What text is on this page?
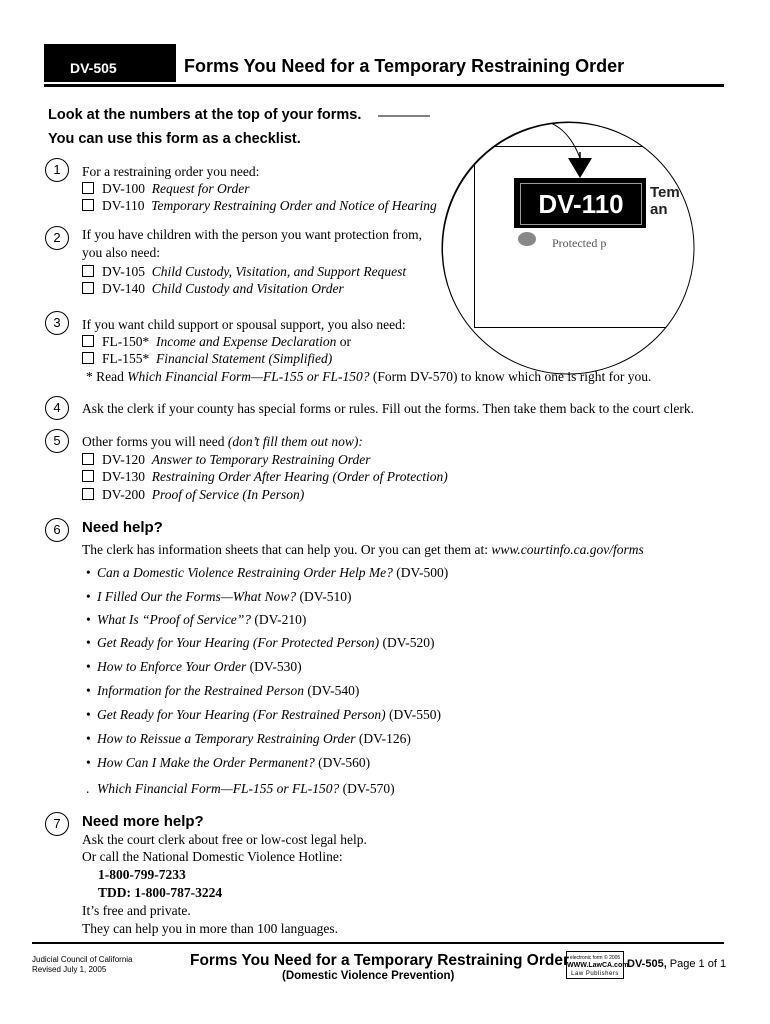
DV-505	Forms You Need for a Temporary Restraining Order
Look at the numbers at the top of your forms.
You can use this form as a checklist.
DV-110	Tem
an
Protected p
1	For a restraining order you need:
DV-100 Request for Order
DV-110 Temporary Restraining Order and Notice of Hearing
2	If you have children with the person you want protection from,
you also need:
DV-105 Child Custody, Visitation, and Support Request
DV-140 Child Custody and Visitation Order
3	If you want child support or spousal support, you also need:
FL-150* Income and Expense Declaration or
FL-155* Financial Statement (Simplified)
* Read Which Financial Form—FL-155 or FL-150? (Form DV-570) to know which one is right for you.
4	Ask the clerk if your county has special forms or rules. Fill out the forms. Then take them back to the court clerk.
5	Other forms you will need (don’t fill them out now):
DV-120 Answer to Temporary Restraining Order
DV-130 Restraining Order After Hearing (Order of Protection)
DV-200 Proof of Service (In Person)
6	Need help?
The clerk has information sheets that can help you. Or you can get them at: www.courtinfo.ca.gov/forms
• Can a Domestic Violence Restraining Order Help Me? (DV-500)
• I Filled Our the Forms—What Now? (DV-510)
• What Is “Proof of Service”? (DV-210)
• Get Ready for Your Hearing (For Protected Person) (DV-520)
• How to Enforce Your Order (DV-530)
• Information for the Restrained Person (DV-540)
• Get Ready for Your Hearing (For Restrained Person) (DV-550)
• How to Reissue a Temporary Restraining Order (DV-126)
• How Can I Make the Order Permanent? (DV-560)
. Which Financial Form—FL-155 or FL-150? (DV-570)
7	Need more help?
Ask the court clerk about free or low-cost legal help.
Or call the National Domestic Violence Hotline:
1-800-799-7233
TDD: 1-800-787-3224
It’s free and private.
They can help you in more than 100 languages.
Judicial Council of California
Revised July 1, 2005
Forms You Need for a Temporary Restraining Order
(Domestic Violence Prevention)
electronic form © 2005
WWW.LawCA.com
Law Publishers
DV-505, Page 1 of 1
